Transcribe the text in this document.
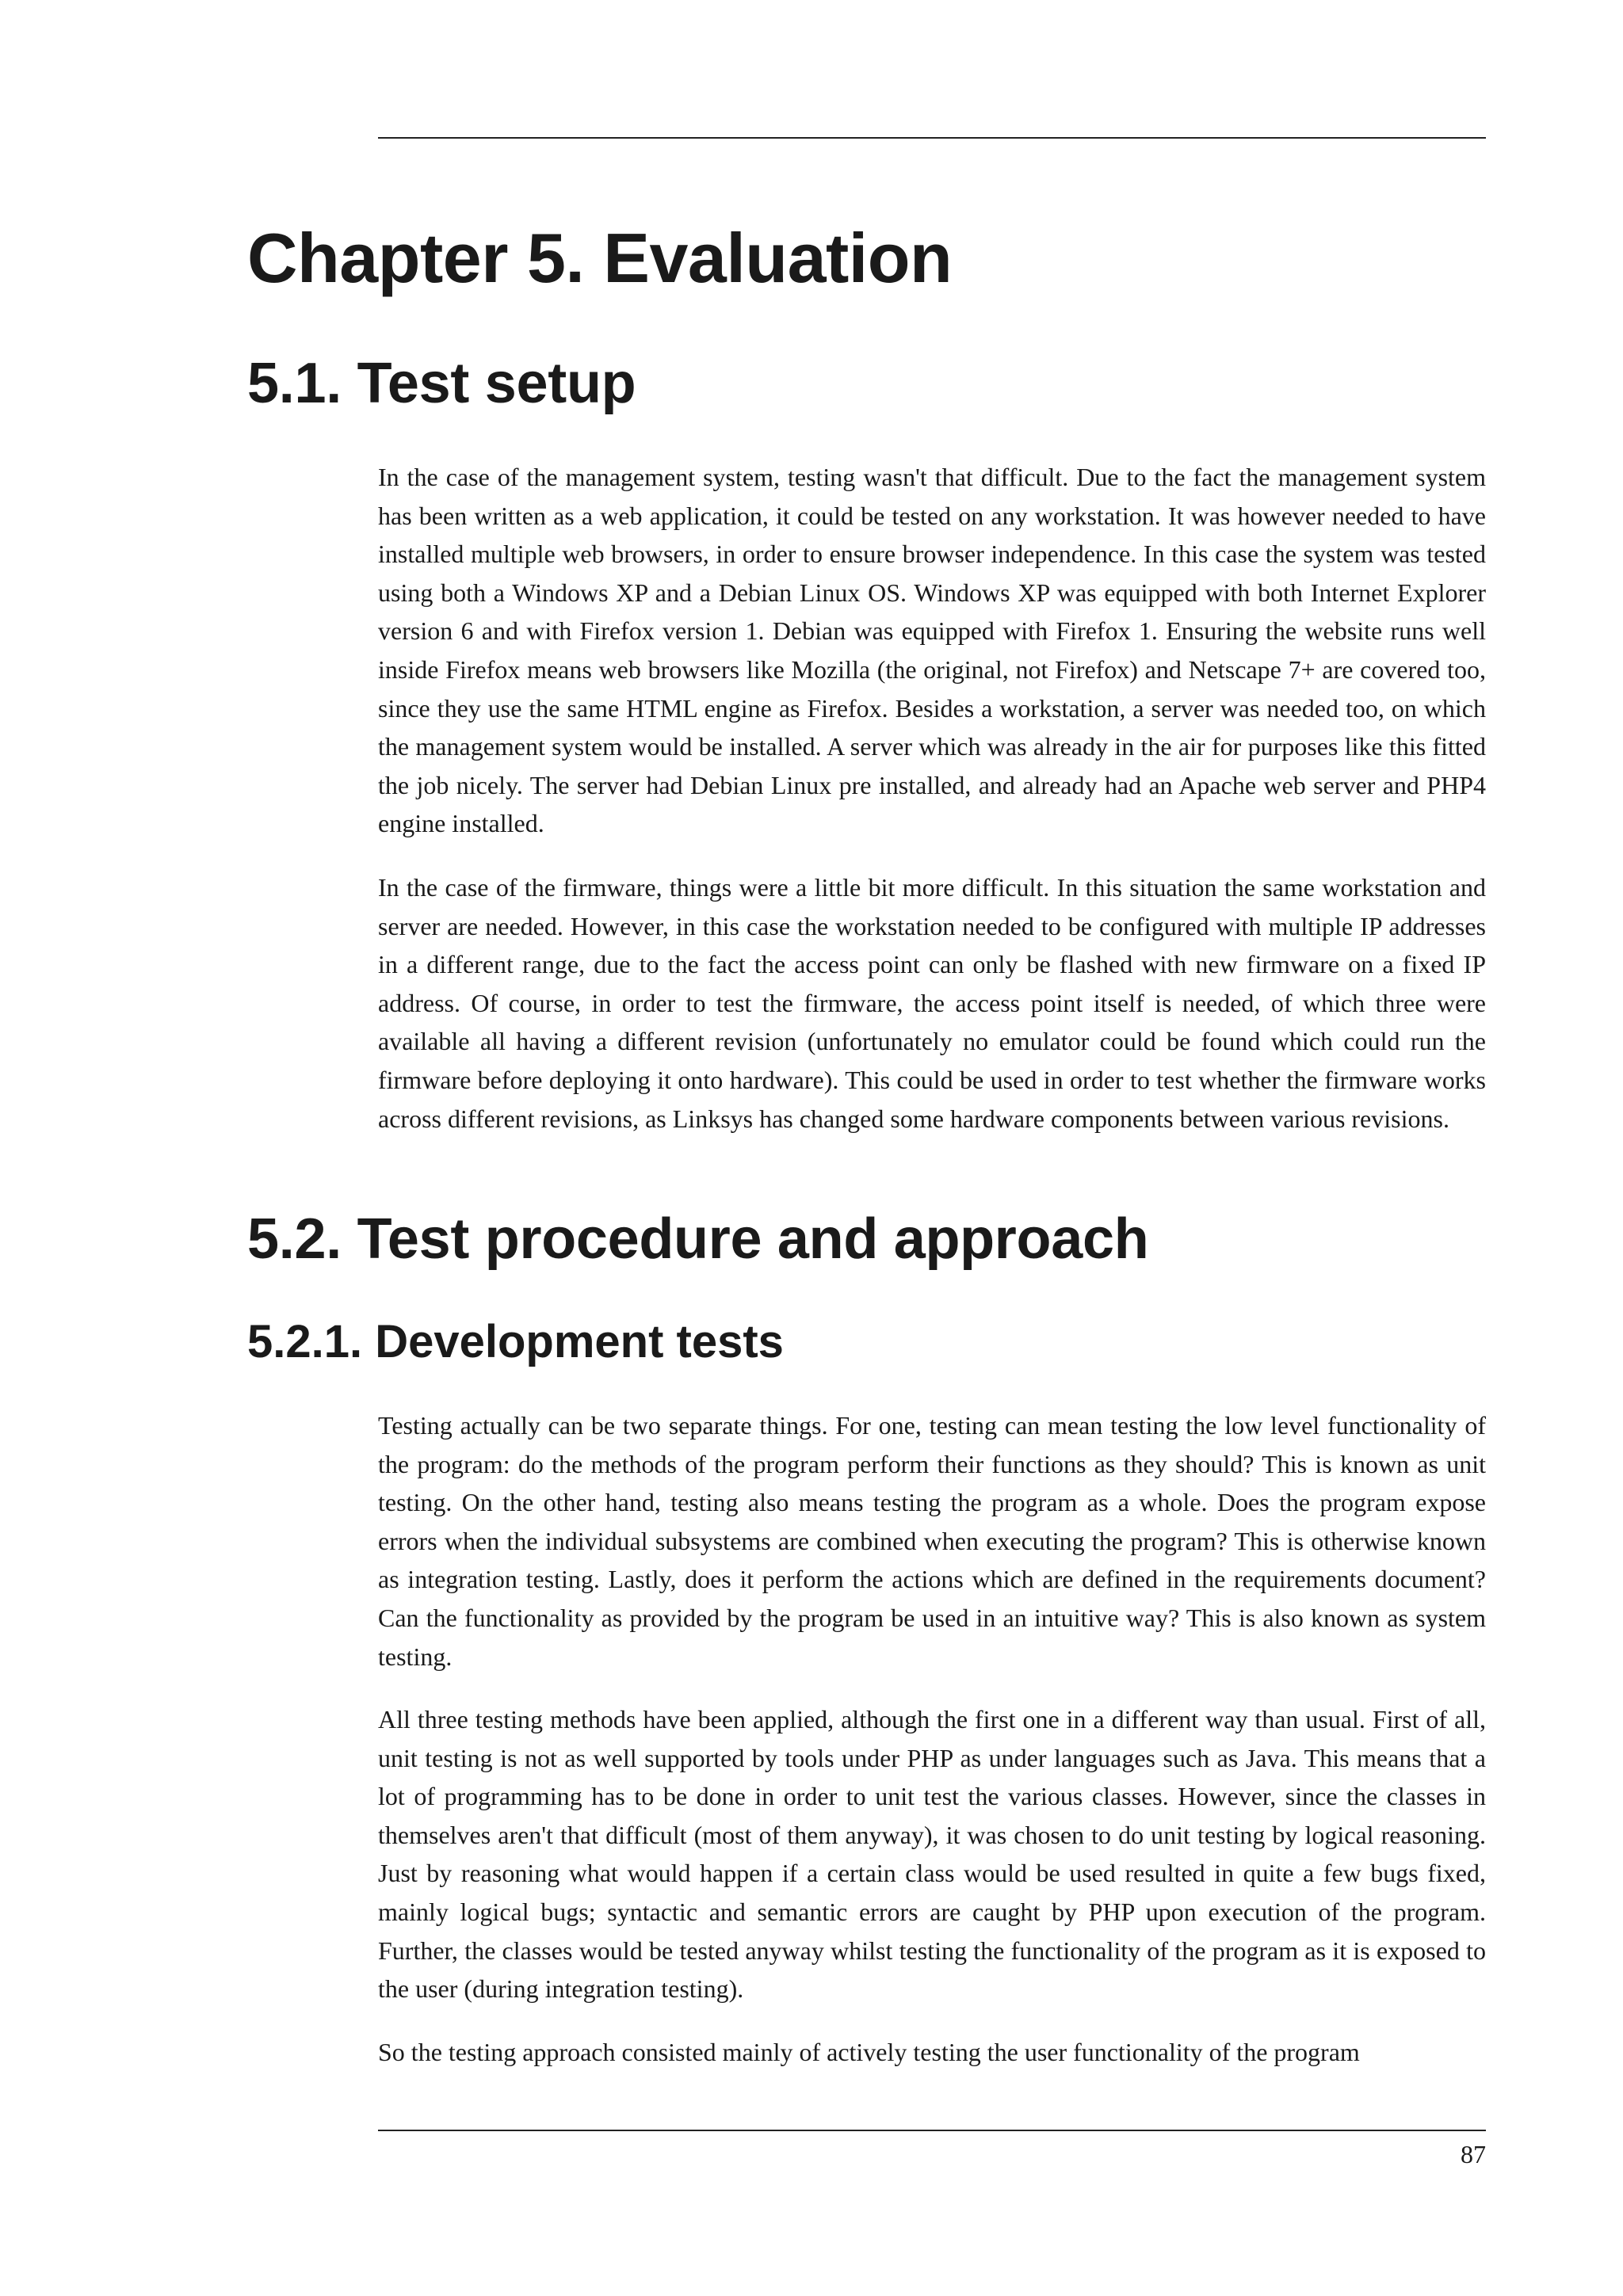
Chapter 5. Evaluation
5.1. Test setup

In the case of the management system, testing wasn't that difficult. Due to the fact the management system has been written as a web application, it could be tested on any workstation. It was however needed to have installed multiple web browsers, in order to ensure browser independence. In this case the system was tested using both a Windows XP and a Debian Linux OS. Windows XP was equipped with both Internet Explorer version 6 and with Firefox version 1. Debian was equipped with Firefox 1. Ensuring the website runs well inside Firefox means web browsers like Mozilla (the original, not Firefox) and Netscape 7+ are covered too, since they use the same HTML engine as Firefox. Besides a workstation, a server was needed too, on which the management system would be installed. A server which was already in the air for purposes like this fitted the job nicely. The server had Debian Linux pre installed, and already had an Apache web server and PHP4 engine installed.

In the case of the firmware, things were a little bit more difficult. In this situation the same workstation and server are needed. However, in this case the workstation needed to be configured with multiple IP addresses in a different range, due to the fact the access point can only be flashed with new firmware on a fixed IP address. Of course, in order to test the firmware, the access point itself is needed, of which three were available all having a different revision (unfortunately no emulator could be found which could run the firmware before deploying it onto hardware). This could be used in order to test whether the firmware works across different revisions, as Linksys has changed some hardware components between various revisions.

5.2. Test procedure and approach
5.2.1. Development tests

Testing actually can be two separate things. For one, testing can mean testing the low level functionality of the program: do the methods of the program perform their functions as they should? This is known as unit testing. On the other hand, testing also means testing the program as a whole. Does the program expose errors when the individual subsystems are combined when executing the program? This is otherwise known as integration testing. Lastly, does it perform the actions which are defined in the requirements document? Can the functionality as provided by the program be used in an intuitive way? This is also known as system testing.

All three testing methods have been applied, although the first one in a different way than usual. First of all, unit testing is not as well supported by tools under PHP as under languages such as Java. This means that a lot of programming has to be done in order to unit test the various classes. However, since the classes in themselves aren't that difficult (most of them anyway), it was chosen to do unit testing by logical reasoning. Just by reasoning what would happen if a certain class would be used resulted in quite a few bugs fixed, mainly logical bugs; syntactic and semantic errors are caught by PHP upon execution of the program. Further, the classes would be tested anyway whilst testing the functionality of the program as it is exposed to the user (during integration testing).

So the testing approach consisted mainly of actively testing the user functionality of the program

87
